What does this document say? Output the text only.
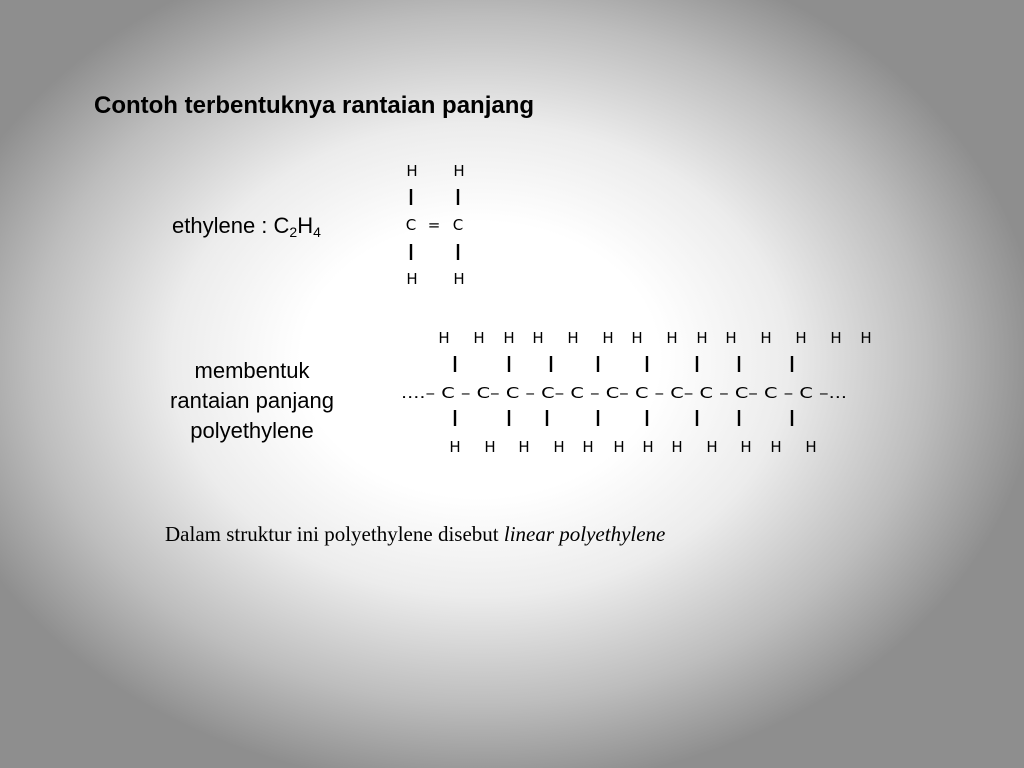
Contoh terbentuknya rantaian panjang
ethylene : $C_2H_4$
membentuk
rantaian panjang
polyethylene
H H
C = C
H H
H H H H H H H H H H H H H H
....– C – C– C – C– C – C– C – C– C – C– C – C –...
H H H H H H H H H H H H
Dalam struktur ini polyethylene disebut linear polyethylene
